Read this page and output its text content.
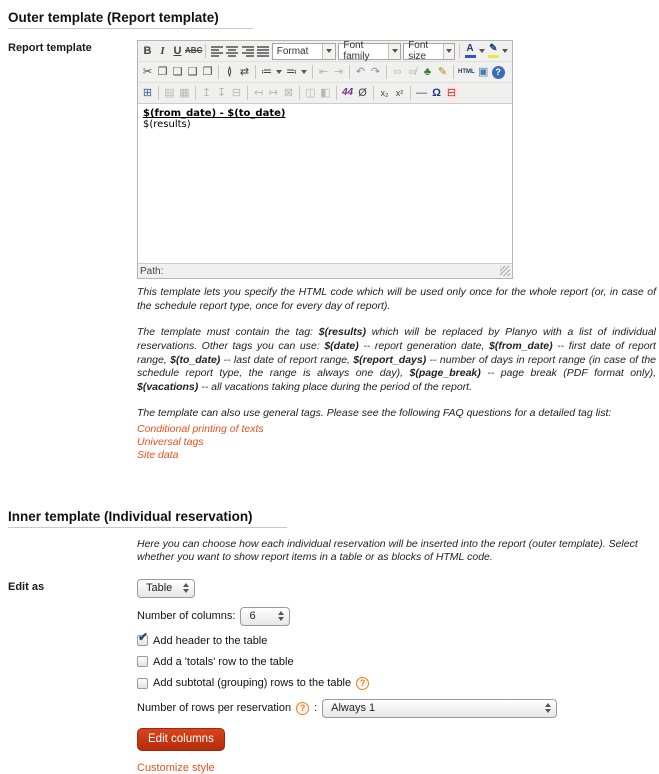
Outer template (Report template)
Report template	B I U ABC	Format	Font family
Font size
A ✎
✂ ❐ ❏ ❑ ❒	≬ ⇄ ≔ ≕ ⇤ ⇥ ↶ ↷	∞ ∞̸ ♣ ✎	HTML ▣ ?
⊞ ▤ ▦ ↥ ↧ ⊟ ↤ ↦ ⊠ ◫ ◧ 44 Ø	x₂ x²	— Ω ⊟
$(from_date) - $(to_date)
$(results)
Path:

This template lets you specify the HTML code which will be used only once for the whole report (or, in case of the schedule report type, once for every day of report).

The template must contain the tag: $(results) which will be replaced by Planyo with a list of individual reservations. Other tags you can use: $(date) -- report generation date, $(from_date) -- first date of report range, $(to_date) -- last date of report range, $(report_days) -- number of days in report range (in case of the schedule report type, the range is always one day), $(page_break) -- page break (PDF format only), $(vacations) -- all vacations taking place during the period of the report.

The template can also use general tags. Please see the following FAQ questions for a detailed tag list:

Conditional printing of texts
Universal tags
Site data
Inner template (Individual reservation)
Here you can choose how each individual reservation will be inserted into the report (outer template). Select whether you want to show report items in a table or as blocks of HTML code.
Edit as	Table
Number of columns: 6
✔
Add header to the table
Add a 'totals' row to the table
Add subtotal (grouping) rows to the table
?
Number of rows per reservation ? : Always 1
Edit columns
Customize style
